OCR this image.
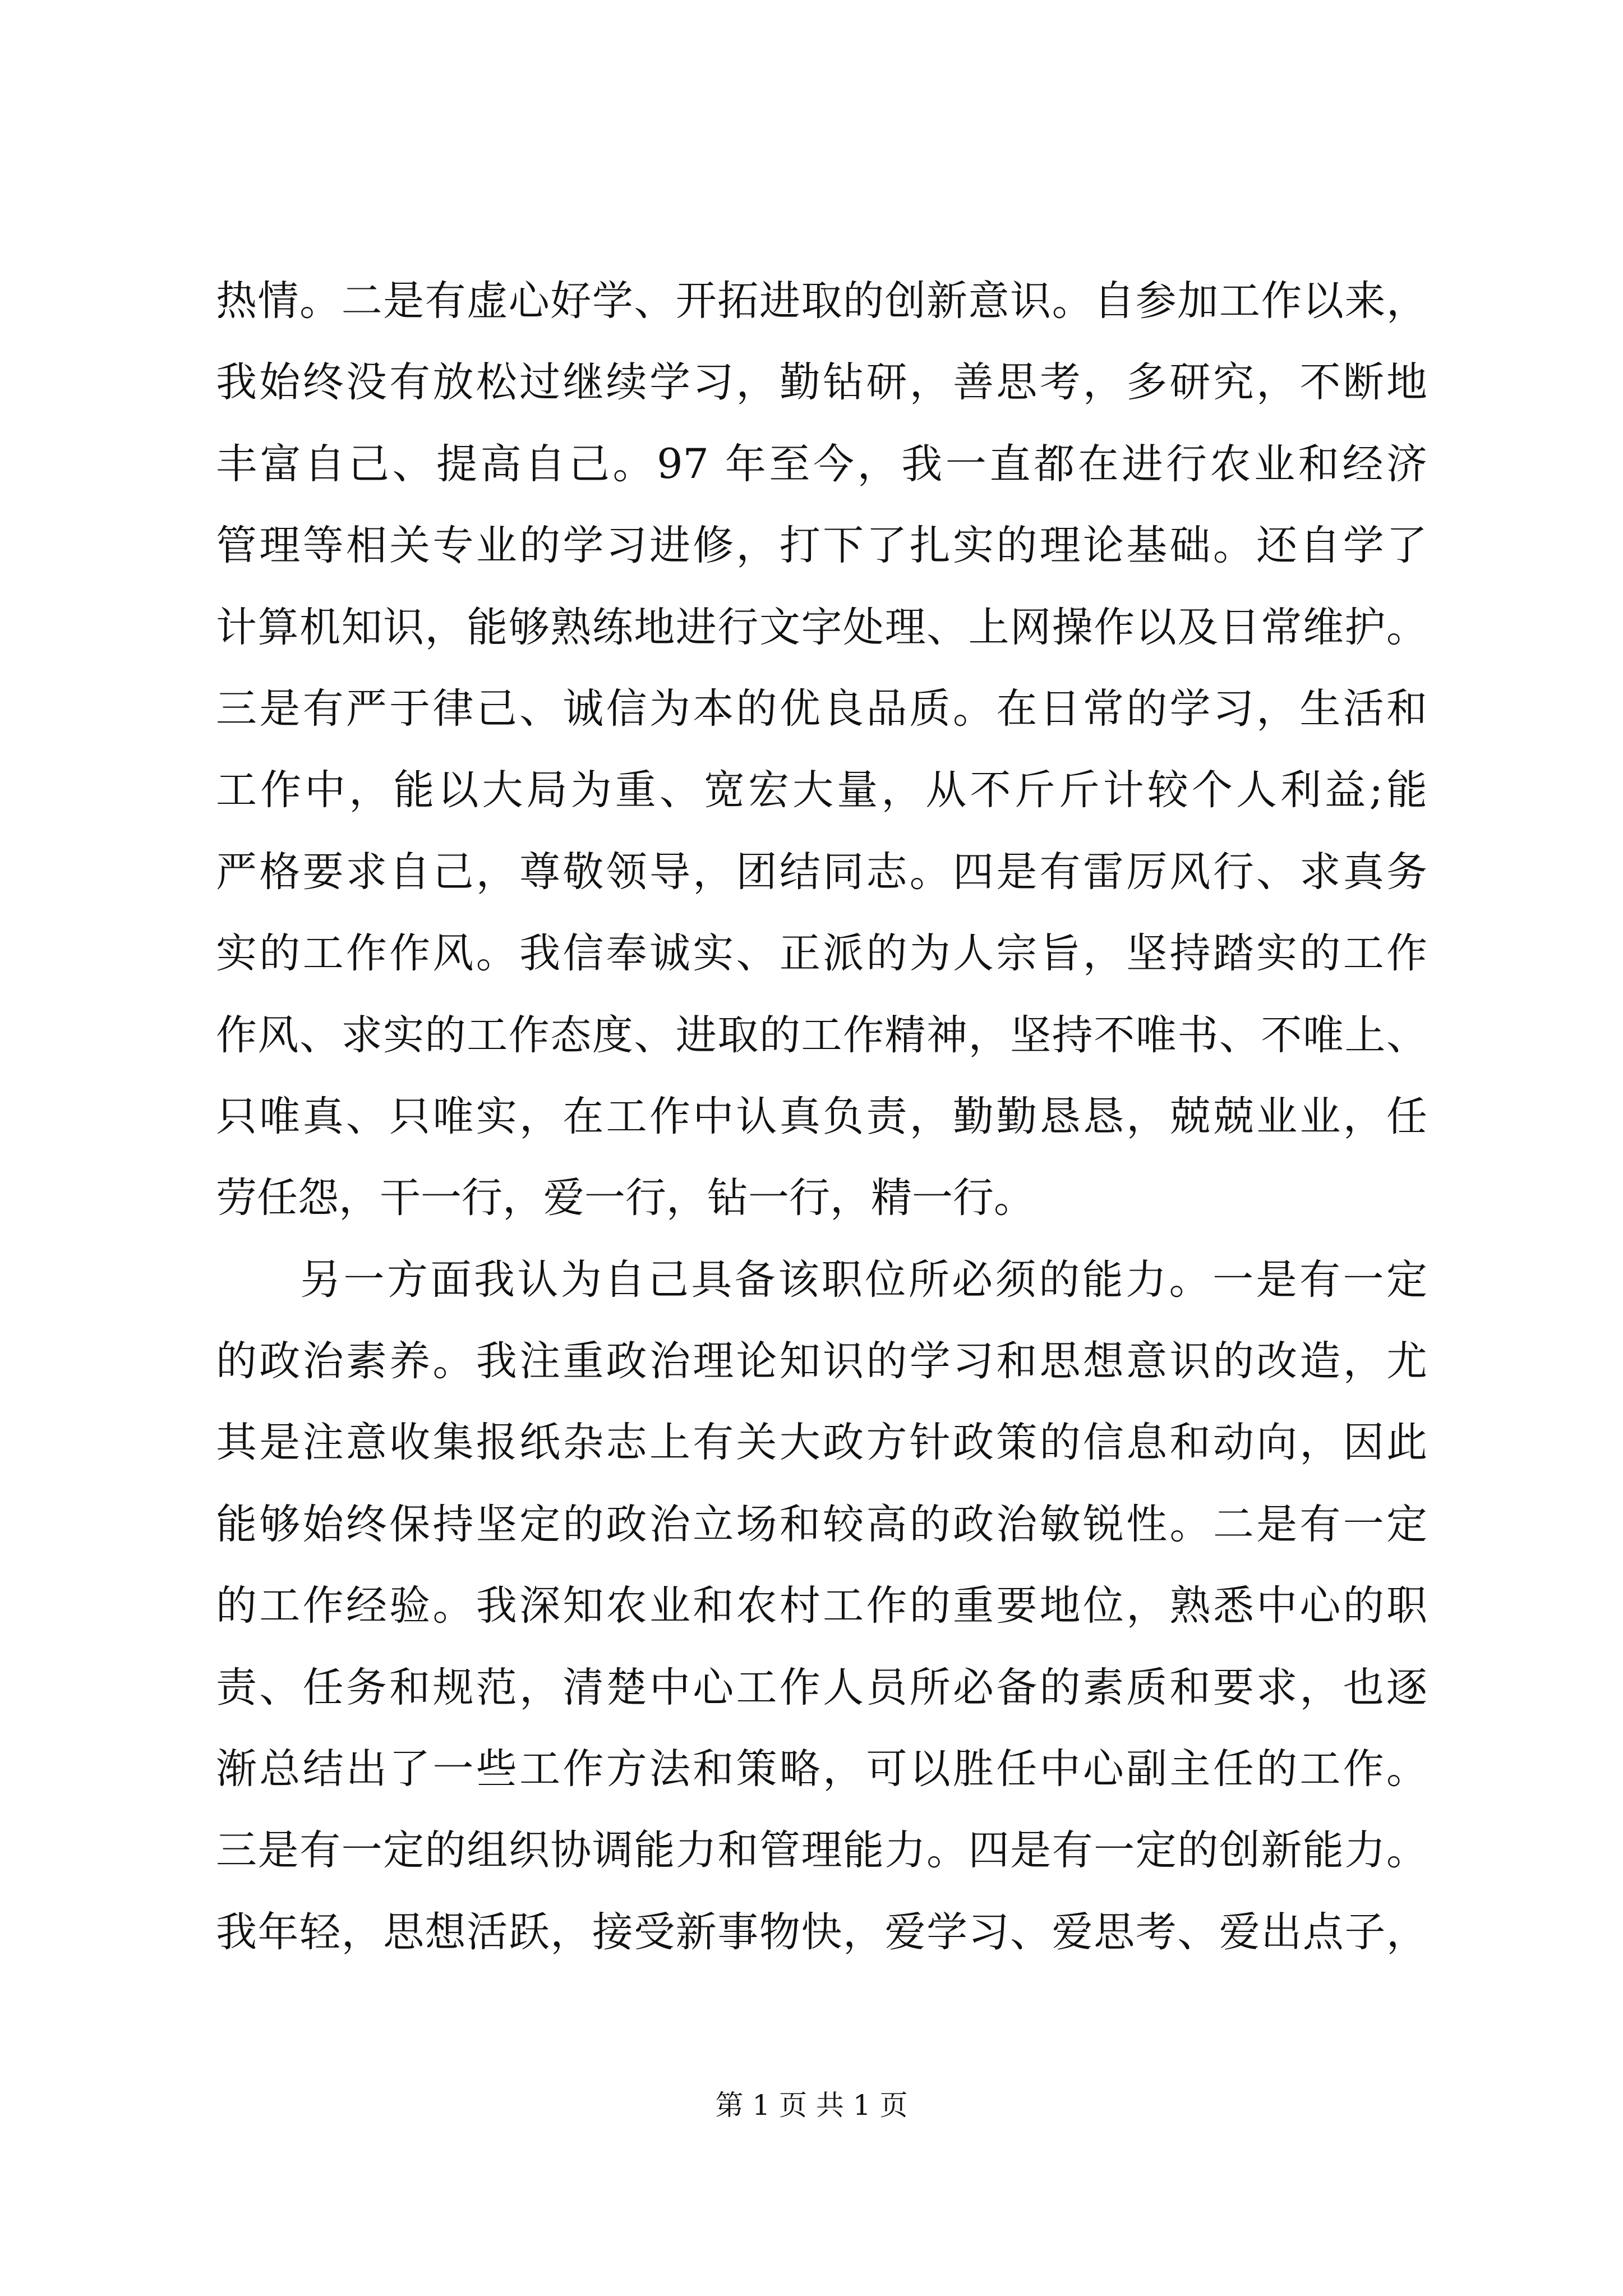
热情。二是有虚心好学、开拓进取的创新意识。自参加工作以来，
我始终没有放松过继续学习，勤钻研，善思考，多研究，不断地
丰富自己、提高自己。97 年至今，我一直都在进行农业和经济
管理等相关专业的学习进修，打下了扎实的理论基础。还自学了
计算机知识，能够熟练地进行文字处理、上网操作以及日常维护。
三是有严于律己、诚信为本的优良品质。在日常的学习，生活和
工作中，能以大局为重、宽宏大量，从不斤斤计较个人利益;能
严格要求自己，尊敬领导，团结同志。四是有雷厉风行、求真务
实的工作作风。我信奉诚实、正派的为人宗旨，坚持踏实的工作
作风、求实的工作态度、进取的工作精神，坚持不唯书、不唯上、
只唯真、只唯实，在工作中认真负责，勤勤恳恳，兢兢业业，任
劳任怨，干一行，爱一行，钻一行，精一行。
另一方面我认为自己具备该职位所必须的能力。一是有一定
的政治素养。我注重政治理论知识的学习和思想意识的改造，尤
其是注意收集报纸杂志上有关大政方针政策的信息和动向，因此
能够始终保持坚定的政治立场和较高的政治敏锐性。二是有一定
的工作经验。我深知农业和农村工作的重要地位，熟悉中心的职
责、任务和规范，清楚中心工作人员所必备的素质和要求，也逐
渐总结出了一些工作方法和策略，可以胜任中心副主任的工作。
三是有一定的组织协调能力和管理能力。四是有一定的创新能力。
我年轻，思想活跃，接受新事物快，爱学习、爱思考、爱出点子，
第 1 页 共 1 页
